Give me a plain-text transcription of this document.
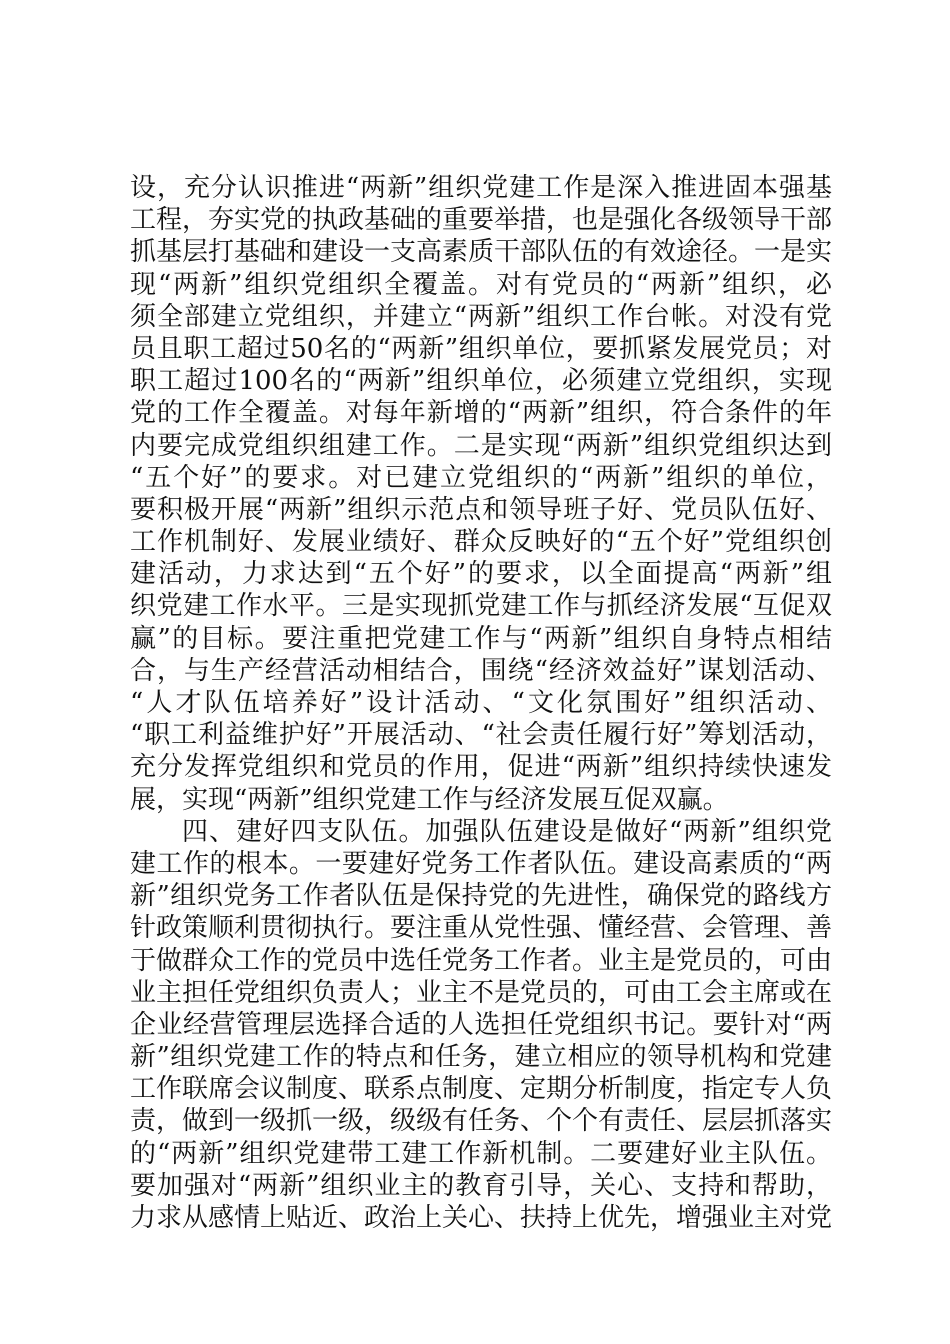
设，充分认识推进“两新”组织党建工作是深入推进固本强基
工程，夯实党的执政基础的重要举措，也是强化各级领导干部
抓基层打基础和建设一支高素质干部队伍的有效途径。一是实
现“两新”组织党组织全覆盖。对有党员的“两新”组织，必
须全部建立党组织，并建立“两新”组织工作台帐。对没有党
员且职工超过50名的“两新”组织单位，要抓紧发展党员；对
职工超过100名的“两新”组织单位，必须建立党组织，实现
党的工作全覆盖。对每年新增的“两新”组织，符合条件的年
内要完成党组织组建工作。二是实现“两新”组织党组织达到
“五个好”的要求。对已建立党组织的“两新”组织的单位，
要积极开展“两新”组织示范点和领导班子好、党员队伍好、
工作机制好、发展业绩好、群众反映好的“五个好”党组织创
建活动，力求达到“五个好”的要求，以全面提高“两新”组
织党建工作水平。三是实现抓党建工作与抓经济发展“互促双
赢”的目标。要注重把党建工作与“两新”组织自身特点相结
合，与生产经营活动相结合，围绕“经济效益好”谋划活动、
“人才队伍培养好”设计活动、“文化氛围好”组织活动、
“职工利益维护好”开展活动、“社会责任履行好”筹划活动，
充分发挥党组织和党员的作用，促进“两新”组织持续快速发
展，实现“两新”组织党建工作与经济发展互促双赢。
四、建好四支队伍。加强队伍建设是做好“两新”组织党
建工作的根本。一要建好党务工作者队伍。建设高素质的“两
新”组织党务工作者队伍是保持党的先进性，确保党的路线方
针政策顺利贯彻执行。要注重从党性强、懂经营、会管理、善
于做群众工作的党员中选任党务工作者。业主是党员的，可由
业主担任党组织负责人；业主不是党员的，可由工会主席或在
企业经营管理层选择合适的人选担任党组织书记。要针对“两
新”组织党建工作的特点和任务，建立相应的领导机构和党建
工作联席会议制度、联系点制度、定期分析制度，指定专人负
责，做到一级抓一级，级级有任务、个个有责任、层层抓落实
的“两新”组织党建带工建工作新机制。二要建好业主队伍。
要加强对“两新”组织业主的教育引导，关心、支持和帮助，
力求从感情上贴近、政治上关心、扶持上优先，增强业主对党
